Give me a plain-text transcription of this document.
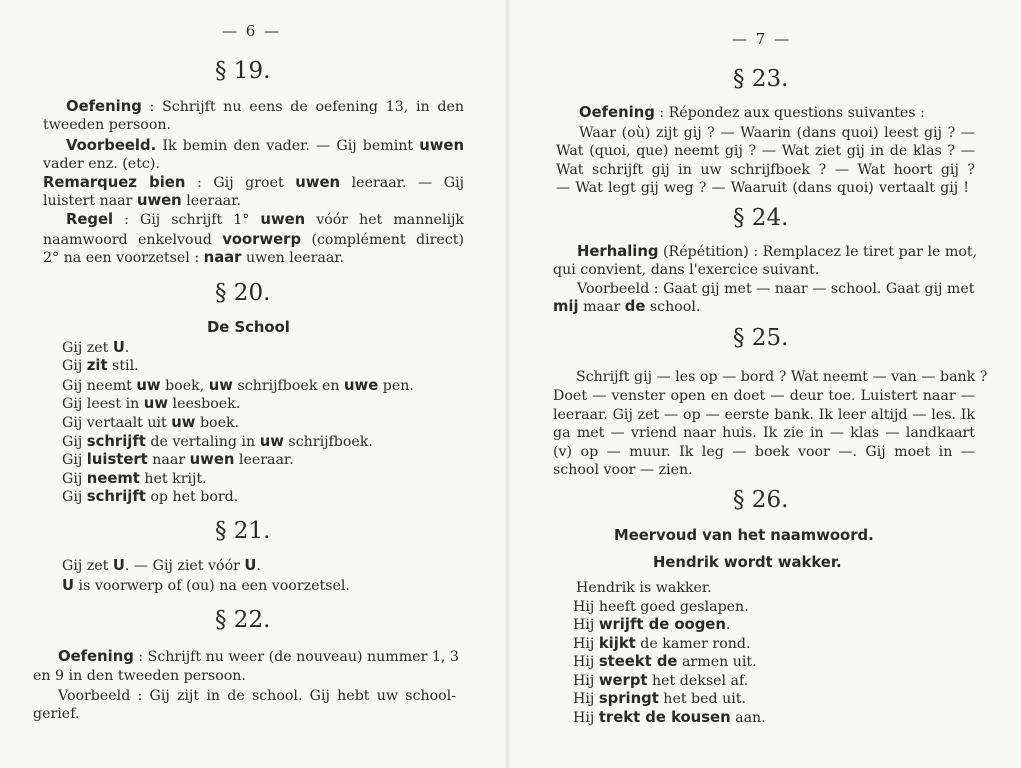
— 6 —
§ 19.
Oefening : Schrijft nu eens de oefening 13, in den
tweeden persoon.
Voorbeeld. Ik bemin den vader. — Gij bemint uwen
vader enz. (etc).
Remarquez bien : Gij groet uwen leeraar. — Gij
luistert naar uwen leeraar.
Regel : Gij schrijft 1° uwen vóór het mannelijk
naamwoord enkelvoud voorwerp (complément direct)
2° na een voorzetsel : naar uwen leeraar.
§ 20.
De School
Gij zet U.
Gij zit stil.
Gij neemt uw boek, uw schrijfboek en uwe pen.
Gij leest in uw leesboek.
Gij vertaalt uit uw boek.
Gij schrijft de vertaling in uw schrijfboek.
Gij luistert naar uwen leeraar.
Gij neemt het krijt.
Gij schrijft op het bord.
§ 21.
Gij zet U. — Gij ziet vóór U.
U is voorwerp of (ou) na een voorzetsel.
§ 22.
Oefening : Schrijft nu weer (de nouveau) nummer 1, 3
en 9 in den tweeden persoon.
Voorbeeld : Gij zijt in de school. Gij hebt uw school-
gerief.
— 7 —
§ 23.
Oefening : Répondez aux questions suivantes :
Waar (où) zijt gij ? — Waarin (dans quoi) leest gij ? —
Wat (quoi, que) neemt gij ? — Wat ziet gij in de klas ? —
Wat schrijft gij in uw schrijfboek ? — Wat hoort gij ?
— Wat legt gij weg ? — Waaruit (dans quoi) vertaalt gij !
§ 24.
Herhaling (Répétition) : Remplacez le tiret par le mot,
qui convient, dans l'exercice suivant.
Voorbeeld : Gaat gij met — naar — school. Gaat gij met
mij maar de school.
§ 25.
Schrijft gij — les op — bord ? Wat neemt — van — bank ?
Doet — venster open en doet — deur toe. Luistert naar —
leeraar. Gij zet — op — eerste bank. Ik leer altijd — les. Ik
ga met — vriend naar huis. Ik zie in — klas — landkaart
(v) op — muur. Ik leg — boek voor —. Gij moet in —
school voor — zien.
§ 26.
Meervoud van het naamwoord.
Hendrik wordt wakker.
Hendrik is wakker.
Hij heeft goed geslapen.
Hij wrijft de oogen.
Hij kijkt de kamer rond.
Hij steekt de armen uit.
Hij werpt het deksel af.
Hij springt het bed uit.
Hij trekt de kousen aan.
